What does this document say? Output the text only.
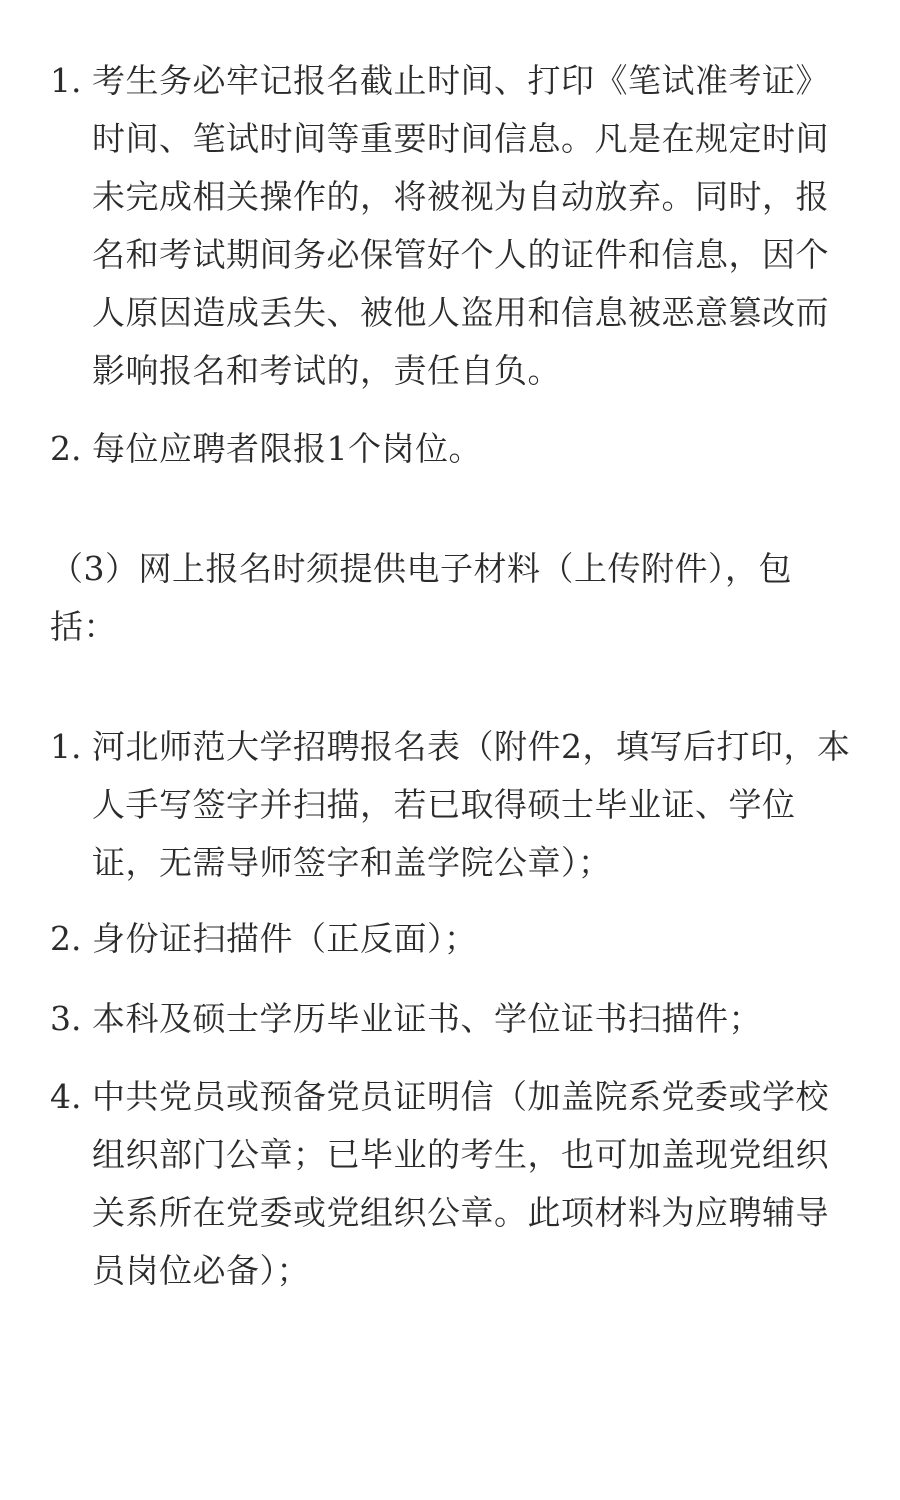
1. 考生务必牢记报名截止时间、打印《笔试准考证》时间、笔试时间等重要时间信息。凡是在规定时间未完成相关操作的，将被视为自动放弃。同时，报名和考试期间务必保管好个人的证件和信息，因个人原因造成丢失、被他人盗用和信息被恶意篡改而影响报名和考试的，责任自负。
2. 每位应聘者限报1个岗位。
（3）网上报名时须提供电子材料（上传附件），包括：
1. 河北师范大学招聘报名表（附件2，填写后打印，本人手写签字并扫描，若已取得硕士毕业证、学位证，无需导师签字和盖学院公章）；
2. 身份证扫描件（正反面）；
3. 本科及硕士学历毕业证书、学位证书扫描件；
4. 中共党员或预备党员证明信（加盖院系党委或学校组织部门公章；已毕业的考生，也可加盖现党组织关系所在党委或党组织公章。此项材料为应聘辅导员岗位必备）；
